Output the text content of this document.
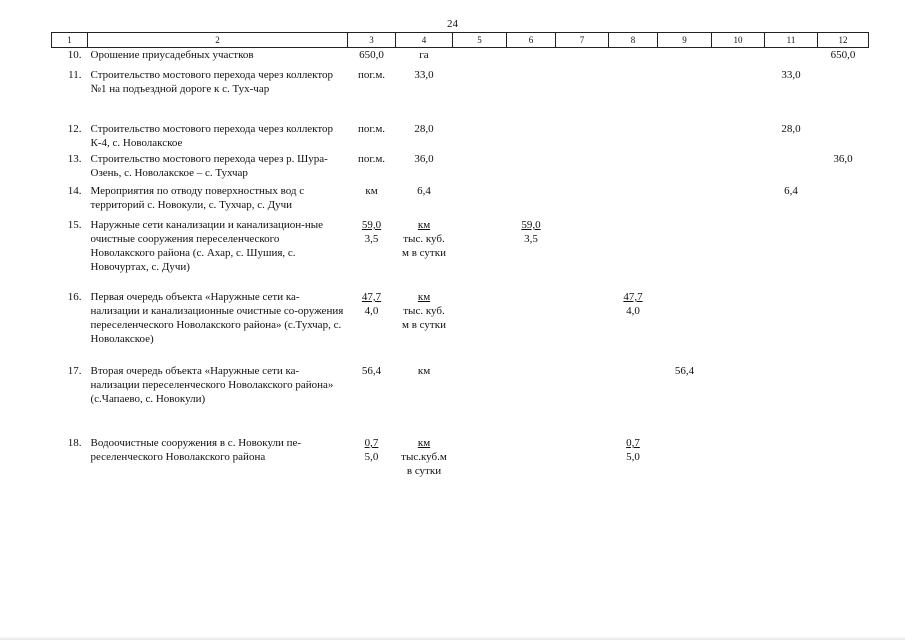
24
1	2	3	4	5	6	7	8	9	10	11	12
10.	Орошение приусадебных участков	650,0	га								650,0

11.	Строительство мостового перехода через коллектор №1 на подъездной дороге к с. Тух-чар	пог.м.	33,0							33,0	

12.	Строительство мостового перехода через коллектор К-4, с. Новолакское	пог.м.	28,0							28,0	

13.	Строительство мостового перехода через р. Шура-Озень, с. Новолакское – с. Тухчар	пог.м.	36,0								36,0

14.	Мероприятия по отводу поверхностных вод с территорий с. Новокули, с. Тухчар, с. Дучи	км	6,4							6,4	

15.	Наружные сети канализации и канализацион-ные очистные сооружения переселенческого Новолакского района (с. Ахар, с. Шушия, с. Новочуртах, с. Дучи)	59,0
3,5	км
тыс. куб.
м в сутки		59,0
3,5						

16.	Первая очередь объекта «Наружные сети ка-нализации и канализационные очистные со-оружения переселенческого Новолакского района» (с.Тухчар, с. Новолакское)	47,7
4,0	км
тыс. куб.
м в сутки				47,7
4,0				

17.	Вторая очередь объекта «Наружные сети ка-нализации переселенческого Новолакского района» (с.Чапаево, с. Новокули)	56,4	км					56,4			

18.	Водоочистные сооружения в с. Новокули пе-реселенческого Новолакского района	0,7
5,0	км
тыс.куб.м
в сутки				0,7
5,0				
